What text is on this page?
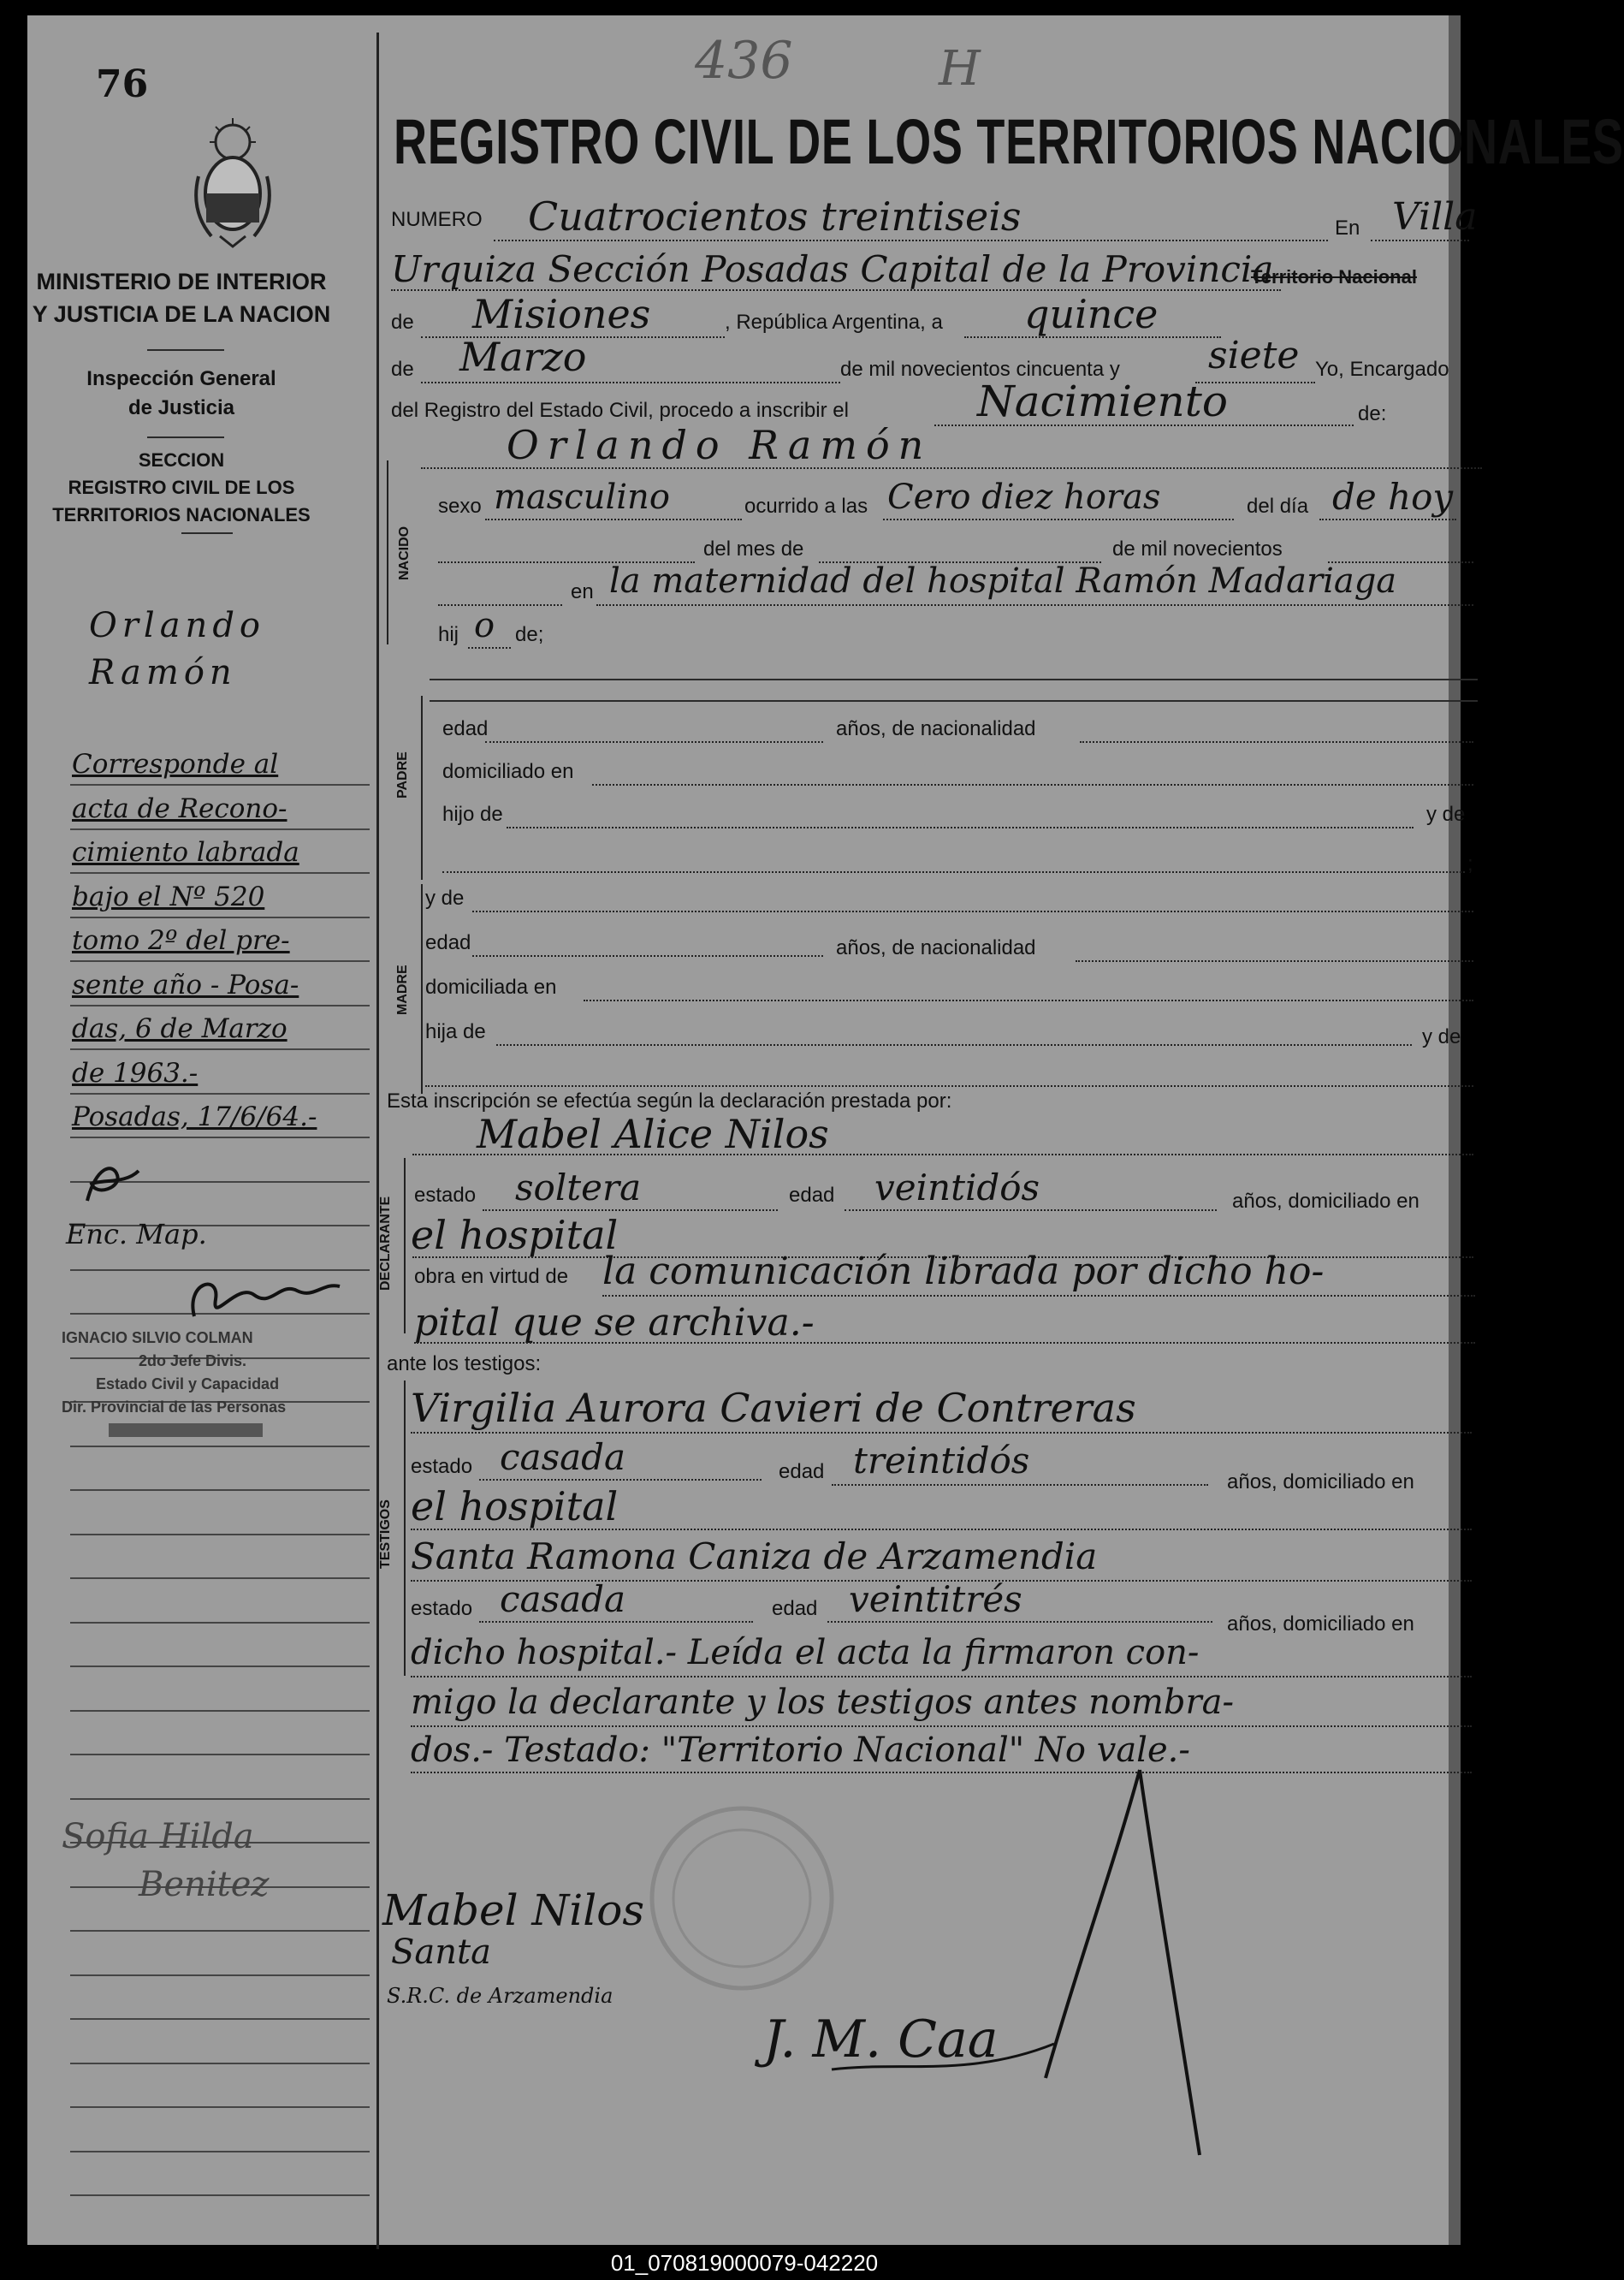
436	H
76
MINISTERIO DE INTERIOR
Y JUSTICIA DE LA NACION
Inspección General
de Justicia
SECCION
REGISTRO CIVIL DE LOS
TERRITORIOS NACIONALES
Orlando
Ramón
Corresponde al
acta de Recono-
cimiento labrada
bajo el Nº 520
tomo 2º del pre-
sente año - Posa-
das, 6 de Marzo
de 1963.-
Posadas, 17/6/64.-
Enc. Map.
IGNACIO SILVIO COLMAN
2do Jefe Divis.
Estado Civil y Capacidad
Dir. Provincial de las Personas
Sofia Hilda
Benitez
REGISTRO CIVIL DE LOS TERRITORIOS NACIONALES
NUMERO Cuatrocientos treintiseis	En Villa
Urquiza Sección Posadas Capital de la Provincia
Territorio Nacional
de Misiones	, República Argentina, a quince
de Marzo	de mil novecientos cincuenta y siete Yo, Encargado
del Registro del Estado Civil, procedo a inscribir el	Nacimiento	de:
NACIDO
Orlando Ramón
sexo masculino	ocurrido a las Cero diez horas	del día de hoy
del mes de	de mil novecientos
en la maternidad del hospital Ramón Madariaga
hij o de;
PADRE
edad	años, de nacionalidad
domiciliado en
hijo de	y de
;
MADRE
y de
edad	años, de nacionalidad
domiciliada en
hija de	y de
Esta inscripción se efectúa según la declaración prestada por:
DECLARANTE
Mabel Alice Nilos
estado soltera	edad veintidós	años, domiciliado en
el hospital
obra en virtud de la comunicación librada por dicho ho-
pital que se archiva.-
ante los testigos:
TESTIGOS
Virgilia Aurora Cavieri de Contreras
estado casada	edad treintidós
años, domiciliado en
el hospital
Santa Ramona Caniza de Arzamendia
estado casada	edad veintitrés
años, domiciliado en
dicho hospital.- Leída el acta la firmaron con-
migo la declarante y los testigos antes nombra-
dos.- Testado: "Territorio Nacional" No vale.-
Mabel Nilos
Santa
S.R.C. de Arzamendia
J. M. Caa
01_070819000079-042220
